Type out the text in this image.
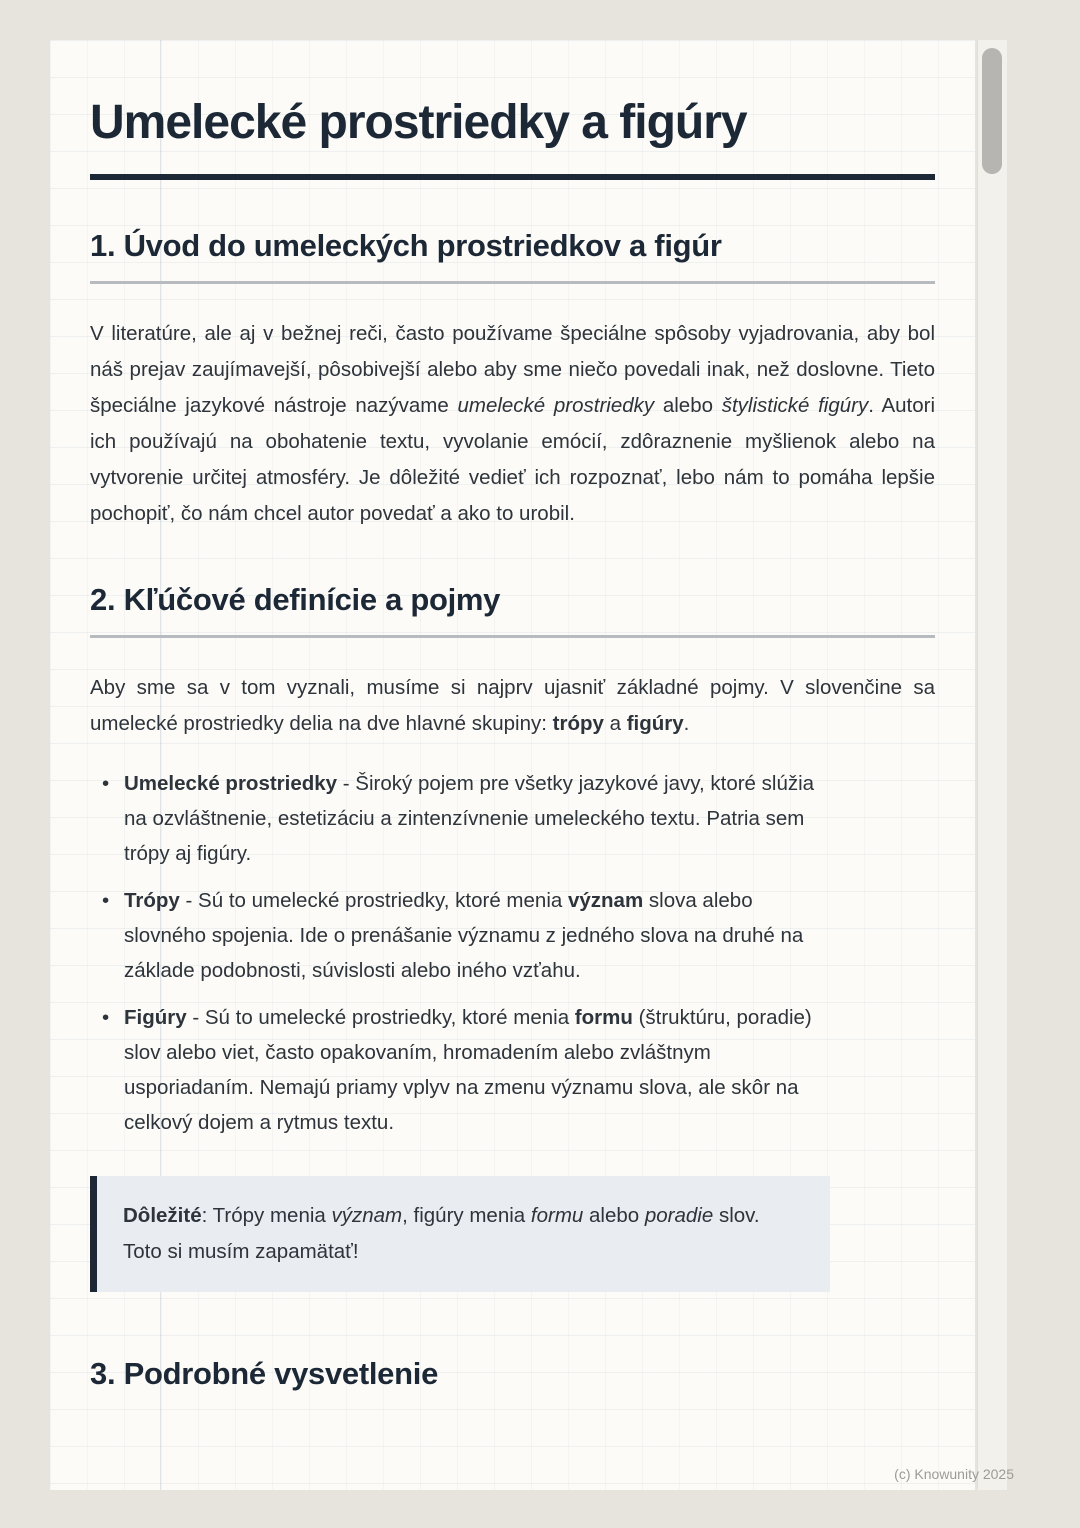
Umelecké prostriedky a figúry
1. Úvod do umeleckých prostriedkov a figúr

V literatúre, ale aj v bežnej reči, často používame špeciálne spôsoby vyjadrovania, aby bol náš prejav zaujímavejší, pôsobivejší alebo aby sme niečo povedali inak, než doslovne. Tieto špeciálne jazykové nástroje nazývame umelecké prostriedky alebo štylistické figúry. Autori ich používajú na obohatenie textu, vyvolanie emócií, zdôraznenie myšlienok alebo na vytvorenie určitej atmosféry. Je dôležité vedieť ich rozpoznať, lebo nám to pomáha lepšie pochopiť, čo nám chcel autor povedať a ako to urobil.

2. Kľúčové definície a pojmy

Aby sme sa v tom vyznali, musíme si najprv ujasniť základné pojmy. V slovenčine sa umelecké prostriedky delia na dve hlavné skupiny: trópy a figúry.

• Umelecké prostriedky - Široký pojem pre všetky jazykové javy, ktoré slúžia na ozvláštnenie, estetizáciu a zintenzívnenie umeleckého textu. Patria sem trópy aj figúry.
• Trópy - Sú to umelecké prostriedky, ktoré menia význam slova alebo slovného spojenia. Ide o prenášanie významu z jedného slova na druhé na základe podobnosti, súvislosti alebo iného vzťahu.
• Figúry - Sú to umelecké prostriedky, ktoré menia formu (štruktúru, poradie) slov alebo viet, často opakovaním, hromadením alebo zvláštnym usporiadaním. Nemajú priamy vplyv na zmenu významu slova, ale skôr na celkový dojem a rytmus textu.

Dôležité: Trópy menia význam, figúry menia formu alebo poradie slov.
Toto si musím zapamätať!

3. Podrobné vysvetlenie
(c) Knowunity 2025
